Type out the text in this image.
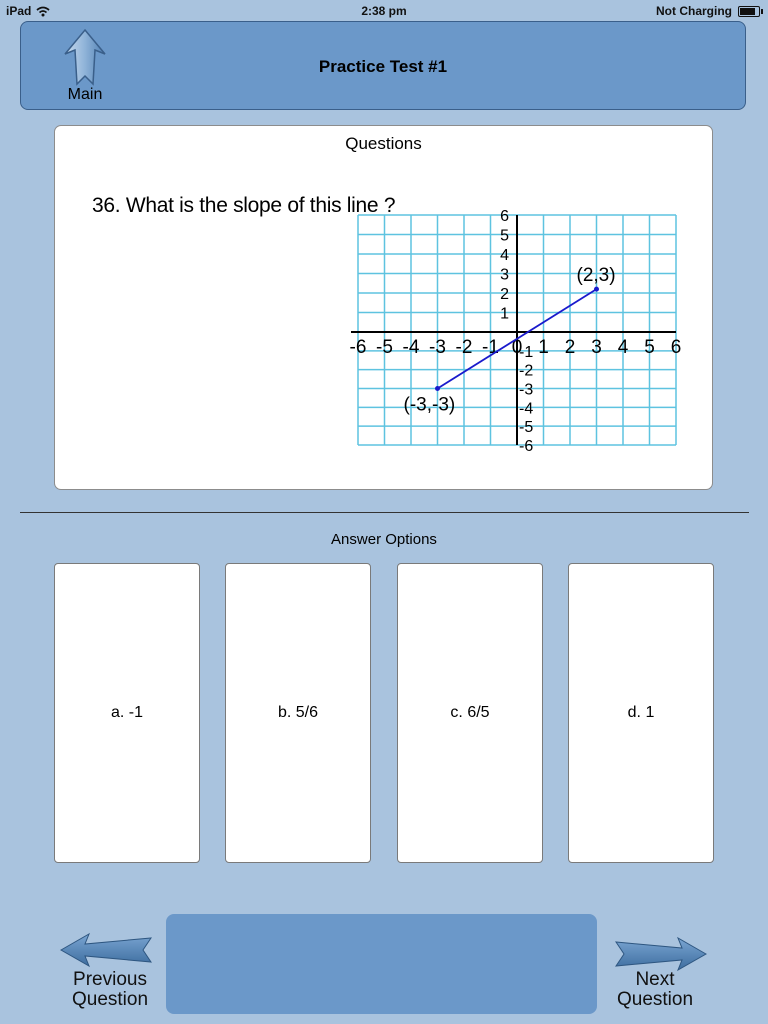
iPad	2:38 pm	Not Charging
Main
Practice Test #1
Questions
36. What is the slope of this line ?
-6 -5 -4 -3 -2 -1 0 1 2 3 4 5 6
6
5
4
3
2
1
-1
-2
-3
-4
-5
-6
(-3,-3)
(2,3)
Answer Options
a. -1	b. 5/6	c. 6/5	d. 1
Previous
Question
Next
Question
